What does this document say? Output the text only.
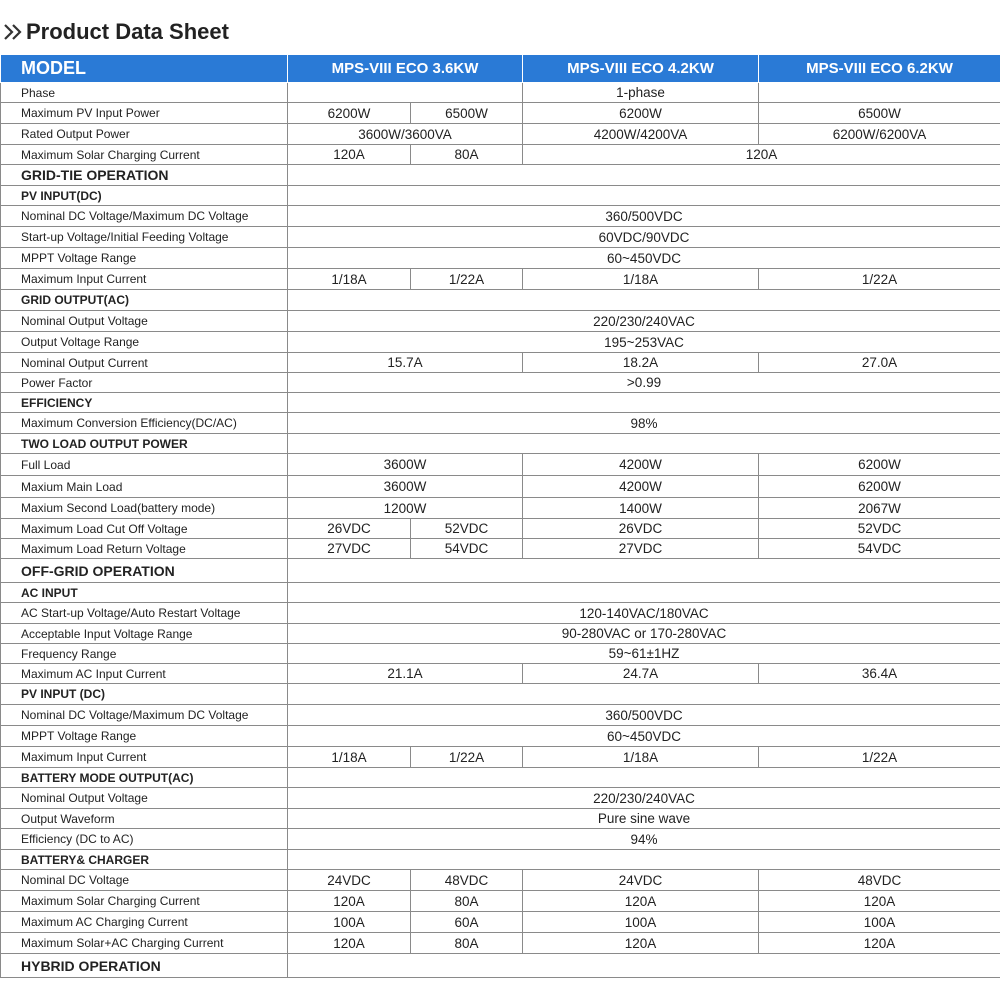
Product Data Sheet
MODEL	MPS-VIII ECO 3.6KW		MPS-VIII ECO 4.2KW	MPS-VIII ECO 6.2KW
Phase			1-phase	
Maximum PV Input Power	6200W	6500W	6200W	6500W
Rated Output Power	3600W/3600VA		4200W/4200VA	6200W/6200VA
Maximum Solar Charging Current	120A	80A	120A	
GRID-TIE OPERATION				
PV INPUT(DC)				
Nominal DC Voltage/Maximum DC Voltage	360/500VDC			
Start-up Voltage/Initial Feeding Voltage	60VDC/90VDC			
MPPT Voltage Range	60~450VDC			
Maximum Input Current	1/18A	1/22A	1/18A	1/22A
GRID OUTPUT(AC)				
Nominal Output Voltage	220/230/240VAC			
Output Voltage Range	195~253VAC			
Nominal Output Current	15.7A		18.2A	27.0A
Power Factor	>0.99			
EFFICIENCY				
Maximum Conversion Efficiency(DC/AC)	98%			
TWO LOAD OUTPUT POWER				
Full Load	3600W		4200W	6200W
Maxium Main Load	3600W		4200W	6200W
Maxium Second Load(battery mode)	1200W		1400W	2067W
Maximum Load Cut Off Voltage	26VDC	52VDC	26VDC	52VDC
Maximum Load Return Voltage	27VDC	54VDC	27VDC	54VDC
OFF-GRID OPERATION				
AC INPUT				
AC Start-up Voltage/Auto Restart Voltage	120-140VAC/180VAC			
Acceptable Input Voltage Range	90-280VAC or 170-280VAC			
Frequency Range	59~61±1HZ			
Maximum AC Input Current	21.1A		24.7A	36.4A
PV INPUT (DC)				
Nominal DC Voltage/Maximum DC Voltage	360/500VDC			
MPPT Voltage Range	60~450VDC			
Maximum Input Current	1/18A	1/22A	1/18A	1/22A
BATTERY MODE OUTPUT(AC)				
Nominal Output Voltage	220/230/240VAC			
Output Waveform	Pure sine wave			
Efficiency (DC to AC)	94%			
BATTERY& CHARGER				
Nominal DC Voltage	24VDC	48VDC	24VDC	48VDC
Maximum Solar Charging Current	120A	80A	120A	120A
Maximum AC Charging Current	100A	60A	100A	100A
Maximum Solar+AC Charging Current	120A	80A	120A	120A
HYBRID OPERATION				
